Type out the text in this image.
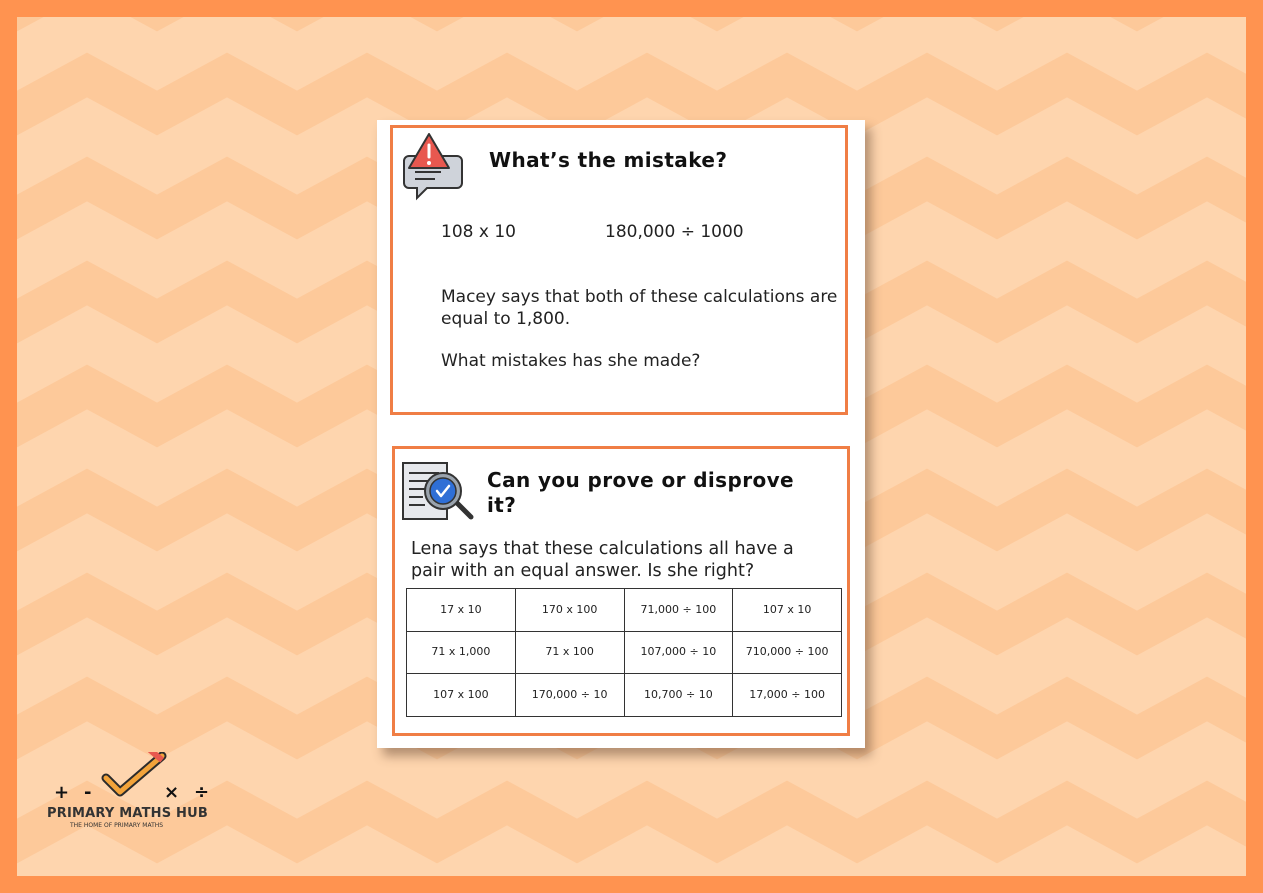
What’s the mistake?
108 x 10	180,000 ÷ 1000
Macey says that both of these calculations are equal to 1,800.
What mistakes has she made?
Can you prove or disprove it?
Lena says that these calculations all have a pair with an equal answer. Is she right?
17 x 10	170 x 100	71,000 ÷ 100	107 x 10
71 x 1,000	71 x 100	107,000 ÷ 10	710,000 ÷ 100
107 x 100	170,000 ÷ 10	10,700 ÷ 10	17,000 ÷ 100
+ -	× ÷
PRIMARY MATHS HUB
THE HOME OF PRIMARY MATHS
